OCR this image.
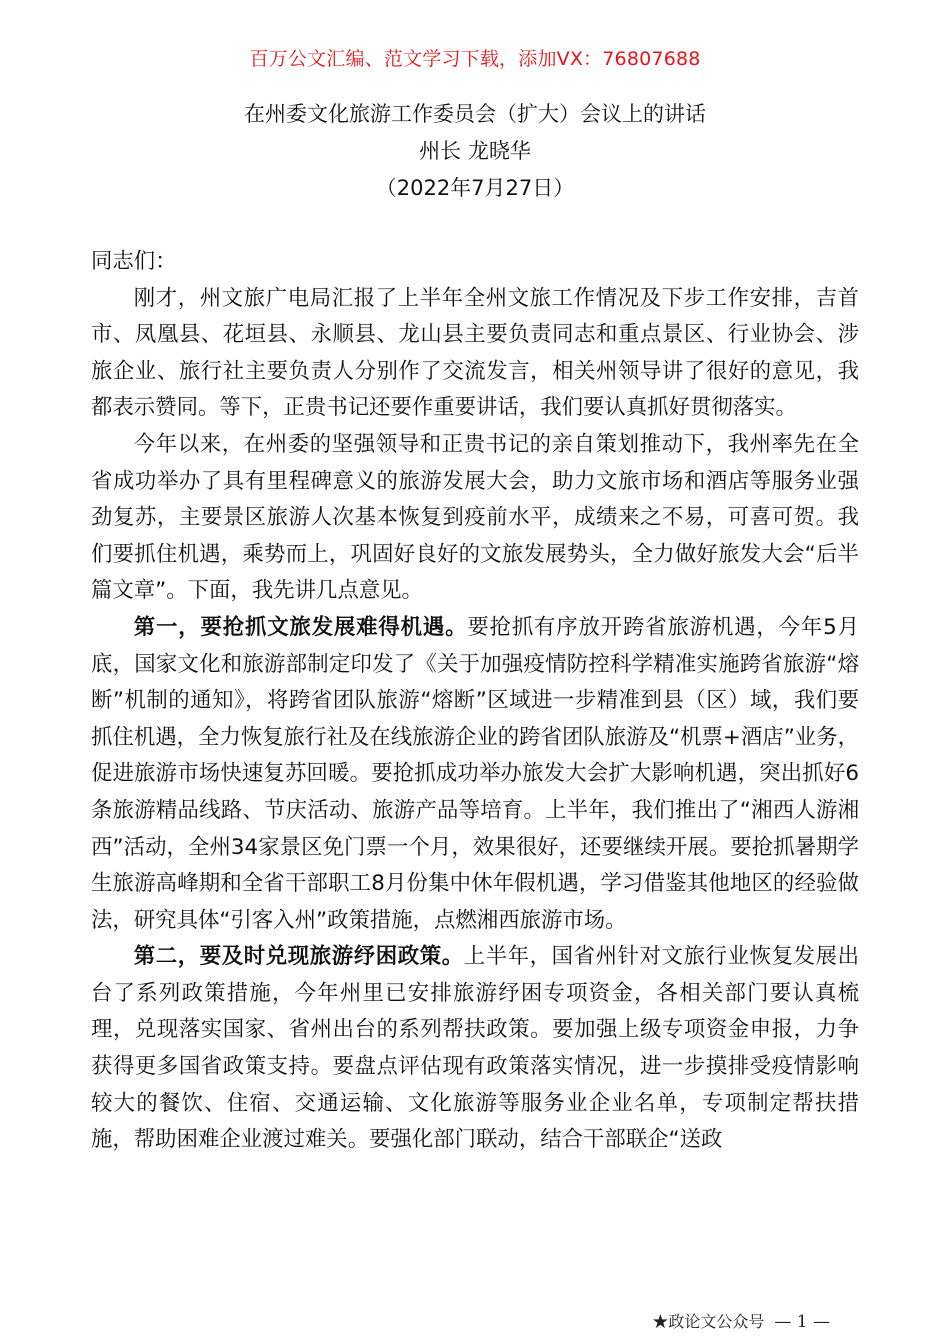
百万公文汇编、范文学习下载，添加VX：76807688
在州委文化旅游工作委员会（扩大）会议上的讲话
州长 龙晓华
（2022年7月27日）

同志们：

刚才，州文旅广电局汇报了上半年全州文旅工作情况及下步工作安排，吉首市、凤凰县、花垣县、永顺县、龙山县主要负责同志和重点景区、行业协会、涉旅企业、旅行社主要负责人分别作了交流发言，相关州领导讲了很好的意见，我都表示赞同。等下，正贵书记还要作重要讲话，我们要认真抓好贯彻落实。

今年以来，在州委的坚强领导和正贵书记的亲自策划推动下，我州率先在全省成功举办了具有里程碑意义的旅游发展大会，助力文旅市场和酒店等服务业强劲复苏，主要景区旅游人次基本恢复到疫前水平，成绩来之不易，可喜可贺。我们要抓住机遇，乘势而上，巩固好良好的文旅发展势头，全力做好旅发大会“后半篇文章”。下面，我先讲几点意见。

第一，要抢抓文旅发展难得机遇。要抢抓有序放开跨省旅游机遇，今年5月底，国家文化和旅游部制定印发了《关于加强疫情防控科学精准实施跨省旅游“熔断”机制的通知》，将跨省团队旅游“熔断”区域进一步精准到县（区）域，我们要抓住机遇，全力恢复旅行社及在线旅游企业的跨省团队旅游及“机票+酒店”业务，促进旅游市场快速复苏回暖。要抢抓成功举办旅发大会扩大影响机遇，突出抓好6条旅游精品线路、节庆活动、旅游产品等培育。上半年，我们推出了“湘西人游湘西”活动，全州34家景区免门票一个月，效果很好，还要继续开展。要抢抓暑期学生旅游高峰期和全省干部职工8月份集中休年假机遇，学习借鉴其他地区的经验做法，研究具体“引客入州”政策措施，点燃湘西旅游市场。

第二，要及时兑现旅游纾困政策。上半年，国省州针对文旅行业恢复发展出台了系列政策措施，今年州里已安排旅游纾困专项资金，各相关部门要认真梳理，兑现落实国家、省州出台的系列帮扶政策。要加强上级专项资金申报，力争获得更多国省政策支持。要盘点评估现有政策落实情况，进一步摸排受疫情影响较大的餐饮、住宿、交通运输、文化旅游等服务业企业名单，专项制定帮扶措施，帮助困难企业渡过难关。要强化部门联动，结合干部联企“送政

★政论文公众号 — 1 —
